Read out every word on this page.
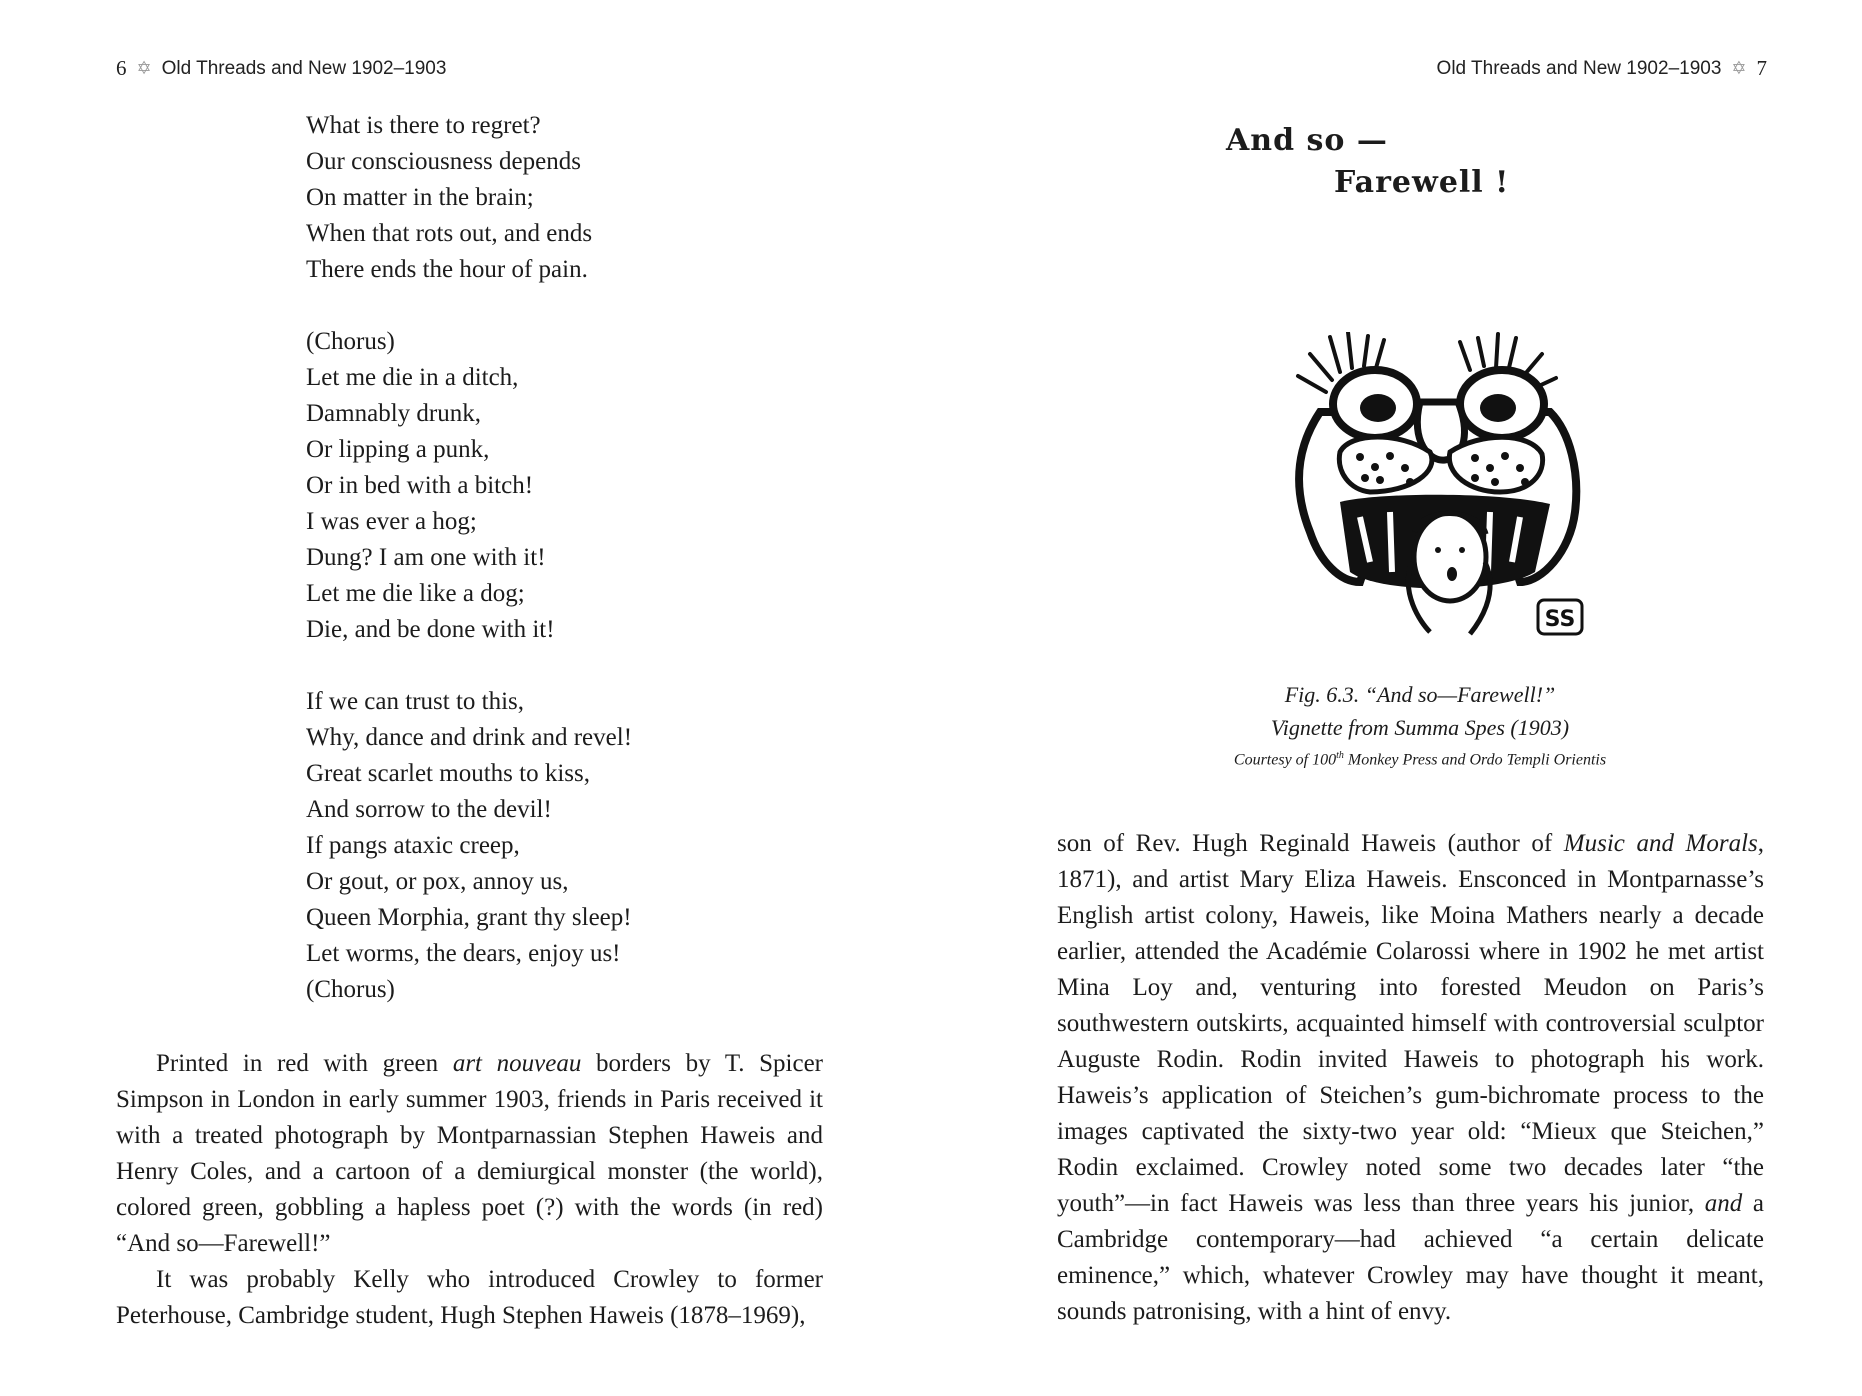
6 ✡ Old Threads and New 1902–1903	Old Threads and New 1902–1903 ✡ 7
What is there to regret?
Our consciousness depends
On matter in the brain;
When that rots out, and ends
There ends the hour of pain.
(Chorus)
Let me die in a ditch,
Damnably drunk,
Or lipping a punk,
Or in bed with a bitch!
I was ever a hog;
Dung? I am one with it!
Let me die like a dog;
Die, and be done with it!
If we can trust to this,
Why, dance and drink and revel!
Great scarlet mouths to kiss,
And sorrow to the devil!
If pangs ataxic creep,
Or gout, or pox, annoy us,
Queen Morphia, grant thy sleep!
Let worms, the dears, enjoy us!
(Chorus)

Printed in red with green art nouveau borders by T. Spicer Simpson in London in early summer 1903, friends in Paris received it with a treated photograph by Montparnassian Stephen Haweis and Henry Coles, and a cartoon of a demiurgical monster (the world), colored green, gobbling a hapless poet (?) with the words (in red) “And so—Farewell!”

It was probably Kelly who introduced Crowley to former Peterhouse, Cambridge student, Hugh Stephen Haweis (1878–1969),

And so —
Farewell !
SS
Fig. 6.3. “And so—Farewell!”
Vignette from Summa Spes (1903)
Courtesy of 100th Monkey Press and Ordo Templi Orientis

son of Rev. Hugh Reginald Haweis (author of Music and Morals, 1871), and artist Mary Eliza Haweis. Ensconced in Montparnasse’s English artist colony, Haweis, like Moina Mathers nearly a decade earlier, attended the Académie Colarossi where in 1902 he met artist Mina Loy and, venturing into forested Meudon on Paris’s southwestern outskirts, acquainted himself with controversial sculptor Auguste Rodin. Rodin invited Haweis to photograph his work. Haweis’s application of Steichen’s gum-bichromate process to the images captivated the sixty-two year old: “Mieux que Steichen,” Rodin exclaimed. Crowley noted some two decades later “the youth”—in fact Haweis was less than three years his junior, and a Cambridge contemporary—had achieved “a certain delicate eminence,” which, whatever Crowley may have thought it meant, sounds patronising, with a hint of envy.
